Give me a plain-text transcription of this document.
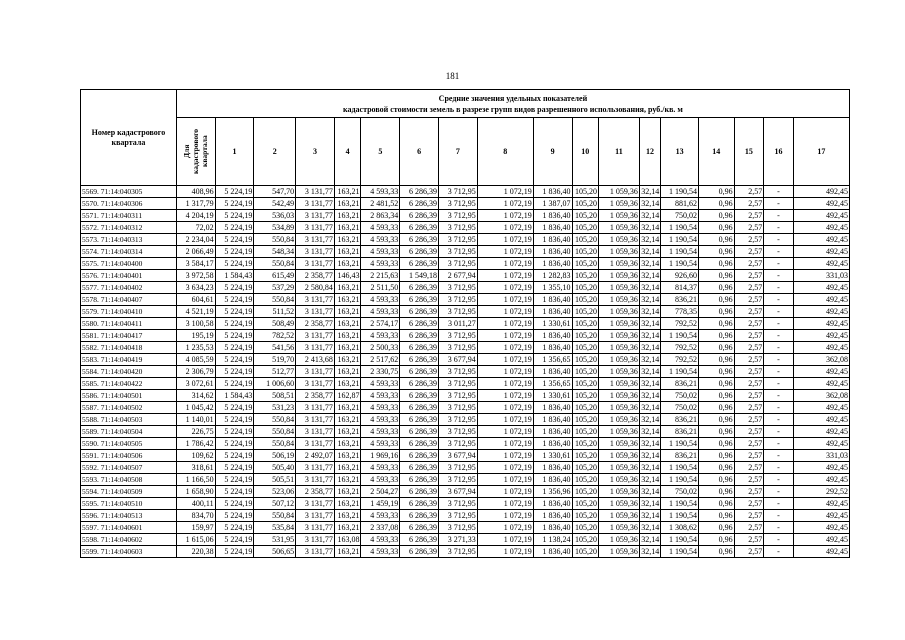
181
Номер кадастрового квартала	Средние значения удельных показателей
кадастровой стоимости земель в разрезе групп видов разрешенного использования, руб./кв. м																	
	Для кадастрового квартала	1	2	3	4	5	6	7	8	9	10	11	12	13	14	15	16	17
5569. 71:14:040305	408,96	5 224,19	547,70	3 131,77	163,21	4 593,33	6 286,39	3 712,95	1 072,19	1 836,40	105,20	1 059,36	32,14	1 190,54	0,96	2,57	-	492,45
5570. 71:14:040306	1 317,79	5 224,19	542,49	3 131,77	163,21	2 481,52	6 286,39	3 712,95	1 072,19	1 387,07	105,20	1 059,36	32,14	881,62	0,96	2,57	-	492,45
5571. 71:14:040311	4 204,19	5 224,19	536,03	3 131,77	163,21	2 863,34	6 286,39	3 712,95	1 072,19	1 836,40	105,20	1 059,36	32,14	750,02	0,96	2,57	-	492,45
5572. 71:14:040312	72,02	5 224,19	534,89	3 131,77	163,21	4 593,33	6 286,39	3 712,95	1 072,19	1 836,40	105,20	1 059,36	32,14	1 190,54	0,96	2,57	-	492,45
5573. 71:14:040313	2 234,04	5 224,19	550,84	3 131,77	163,21	4 593,33	6 286,39	3 712,95	1 072,19	1 836,40	105,20	1 059,36	32,14	1 190,54	0,96	2,57	-	492,45
5574. 71:14:040314	2 066,49	5 224,19	548,34	3 131,77	163,21	4 593,33	6 286,39	3 712,95	1 072,19	1 836,40	105,20	1 059,36	32,14	1 190,54	0,96	2,57	-	492,45
5575. 71:14:040400	3 584,17	5 224,19	550,84	3 131,77	163,21	4 593,33	6 286,39	3 712,95	1 072,19	1 836,40	105,20	1 059,36	32,14	1 190,54	0,96	2,57	-	492,45
5576. 71:14:040401	3 972,58	1 584,43	615,49	2 358,77	146,43	2 215,63	1 549,18	2 677,94	1 072,19	1 282,83	105,20	1 059,36	32,14	926,60	0,96	2,57	-	331,03
5577. 71:14:040402	3 634,23	5 224,19	537,29	2 580,84	163,21	2 511,50	6 286,39	3 712,95	1 072,19	1 355,10	105,20	1 059,36	32,14	814,37	0,96	2,57	-	492,45
5578. 71:14:040407	604,61	5 224,19	550,84	3 131,77	163,21	4 593,33	6 286,39	3 712,95	1 072,19	1 836,40	105,20	1 059,36	32,14	836,21	0,96	2,57	-	492,45
5579. 71:14:040410	4 521,19	5 224,19	511,52	3 131,77	163,21	4 593,33	6 286,39	3 712,95	1 072,19	1 836,40	105,20	1 059,36	32,14	778,35	0,96	2,57	-	492,45
5580. 71:14:040411	3 100,58	5 224,19	508,49	2 358,77	163,21	2 574,17	6 286,39	3 011,27	1 072,19	1 330,61	105,20	1 059,36	32,14	792,52	0,96	2,57	-	492,45
5581. 71:14:040417	195,19	5 224,19	782,52	3 131,77	163,21	4 593,33	6 286,39	3 712,95	1 072,19	1 836,40	105,20	1 059,36	32,14	1 190,54	0,96	2,57	-	492,45
5582. 71:14:040418	1 235,53	5 224,19	541,56	3 131,77	163,21	2 500,33	6 286,39	3 712,95	1 072,19	1 836,40	105,20	1 059,36	32,14	792,52	0,96	2,57	-	492,45
5583. 71:14:040419	4 085,59	5 224,19	519,70	2 413,68	163,21	2 517,62	6 286,39	3 677,94	1 072,19	1 356,65	105,20	1 059,36	32,14	792,52	0,96	2,57	-	362,08
5584. 71:14:040420	2 306,79	5 224,19	512,77	3 131,77	163,21	2 330,75	6 286,39	3 712,95	1 072,19	1 836,40	105,20	1 059,36	32,14	1 190,54	0,96	2,57	-	492,45
5585. 71:14:040422	3 072,61	5 224,19	1 006,60	3 131,77	163,21	4 593,33	6 286,39	3 712,95	1 072,19	1 356,65	105,20	1 059,36	32,14	836,21	0,96	2,57	-	492,45
5586. 71:14:040501	314,62	1 584,43	508,51	2 358,77	162,87	4 593,33	6 286,39	3 712,95	1 072,19	1 330,61	105,20	1 059,36	32,14	750,02	0,96	2,57	-	362,08
5587. 71:14:040502	1 045,42	5 224,19	531,23	3 131,77	163,21	4 593,33	6 286,39	3 712,95	1 072,19	1 836,40	105,20	1 059,36	32,14	750,02	0,96	2,57	-	492,45
5588. 71:14:040503	1 140,01	5 224,19	550,84	3 131,77	163,21	4 593,33	6 286,39	3 712,95	1 072,19	1 836,40	105,20	1 059,36	32,14	836,21	0,96	2,57	-	492,45
5589. 71:14:040504	226,75	5 224,19	550,84	3 131,77	163,21	4 593,33	6 286,39	3 712,95	1 072,19	1 836,40	105,20	1 059,36	32,14	836,21	0,96	2,57	-	492,45
5590. 71:14:040505	1 786,42	5 224,19	550,84	3 131,77	163,21	4 593,33	6 286,39	3 712,95	1 072,19	1 836,40	105,20	1 059,36	32,14	1 190,54	0,96	2,57	-	492,45
5591. 71:14:040506	109,62	5 224,19	506,19	2 492,07	163,21	1 969,16	6 286,39	3 677,94	1 072,19	1 330,61	105,20	1 059,36	32,14	836,21	0,96	2,57	-	331,03
5592. 71:14:040507	318,61	5 224,19	505,40	3 131,77	163,21	4 593,33	6 286,39	3 712,95	1 072,19	1 836,40	105,20	1 059,36	32,14	1 190,54	0,96	2,57	-	492,45
5593. 71:14:040508	1 166,50	5 224,19	505,51	3 131,77	163,21	4 593,33	6 286,39	3 712,95	1 072,19	1 836,40	105,20	1 059,36	32,14	1 190,54	0,96	2,57	-	492,45
5594. 71:14:040509	1 658,90	5 224,19	523,06	2 358,77	163,21	2 504,27	6 286,39	3 677,94	1 072,19	1 356,96	105,20	1 059,36	32,14	750,02	0,96	2,57	-	292,52
5595. 71:14:040510	400,11	5 224,19	507,12	3 131,77	163,21	1 459,19	6 286,39	3 712,95	1 072,19	1 836,40	105,20	1 059,36	32,14	1 190,54	0,96	2,57	-	492,45
5596. 71:14:040513	834,70	5 224,19	550,84	3 131,77	163,21	4 593,33	6 286,39	3 712,95	1 072,19	1 836,40	105,20	1 059,36	32,14	1 190,54	0,96	2,57	-	492,45
5597. 71:14:040601	159,97	5 224,19	535,84	3 131,77	163,21	2 337,08	6 286,39	3 712,95	1 072,19	1 836,40	105,20	1 059,36	32,14	1 308,62	0,96	2,57	-	492,45
5598. 71:14:040602	1 615,06	5 224,19	531,95	3 131,77	163,08	4 593,33	6 286,39	3 271,33	1 072,19	1 138,24	105,20	1 059,36	32,14	1 190,54	0,96	2,57	-	492,45
5599. 71:14:040603	220,38	5 224,19	506,65	3 131,77	163,21	4 593,33	6 286,39	3 712,95	1 072,19	1 836,40	105,20	1 059,36	32,14	1 190,54	0,96	2,57	-	492,45
